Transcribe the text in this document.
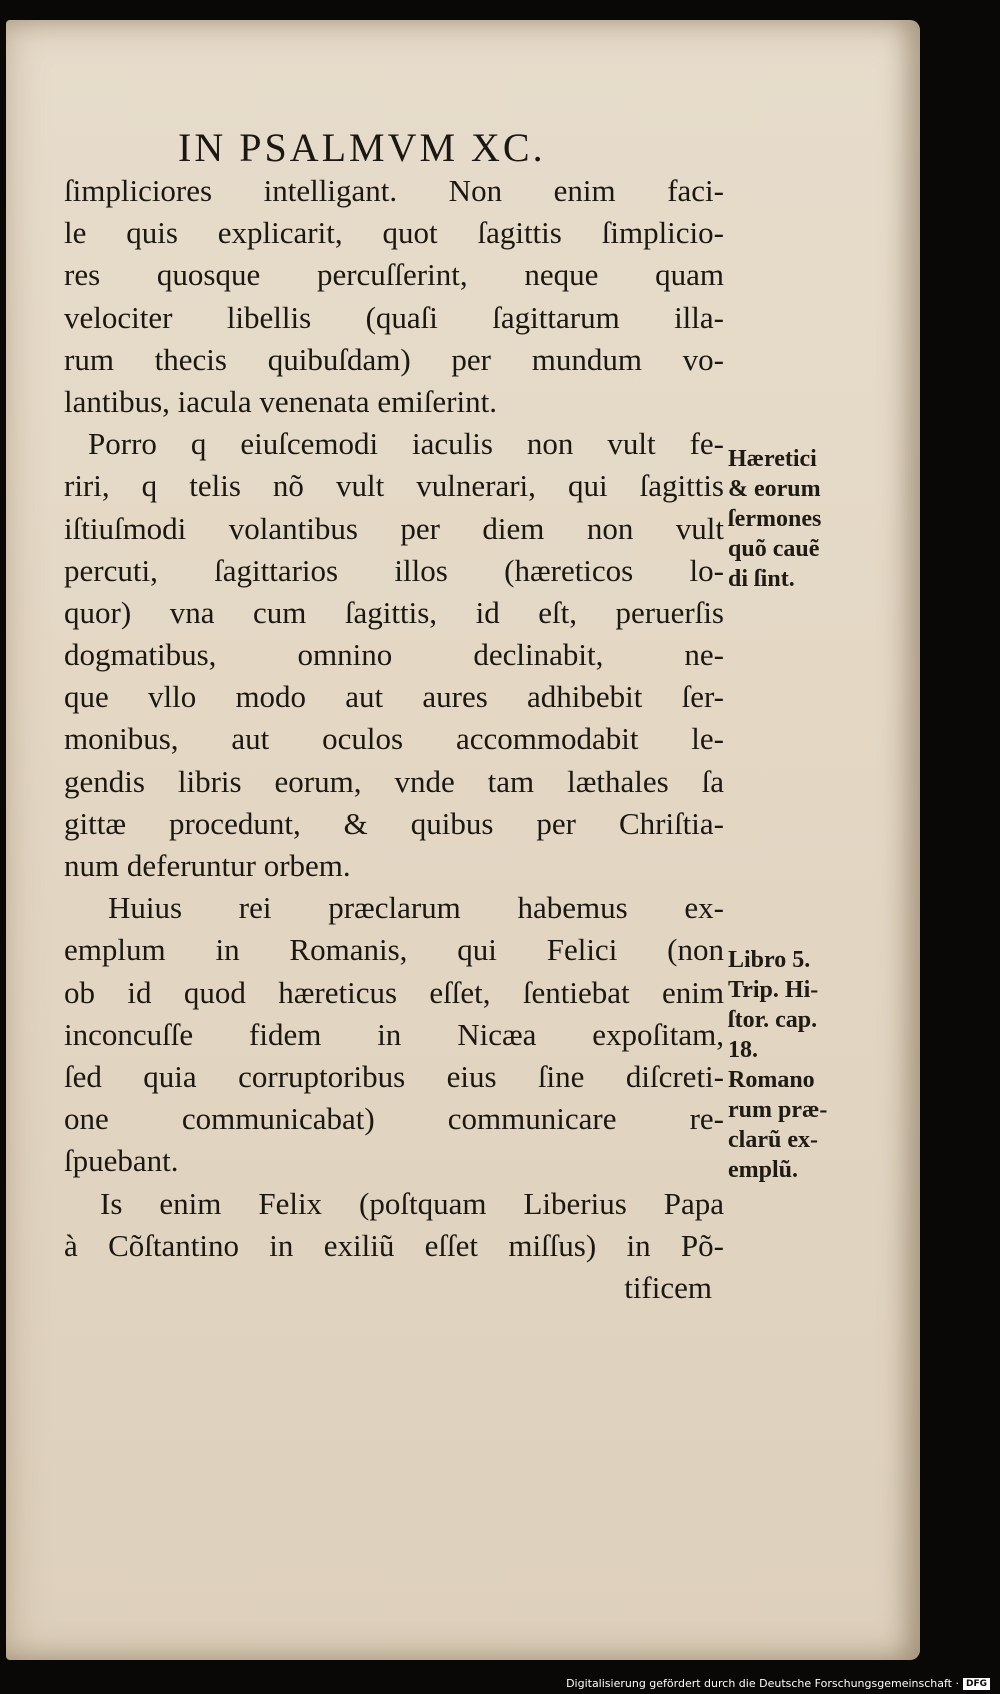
IN PSALMVM XC.
ſimpliciores intelligant. Non enim faci-
le quis explicarit, quot ſagittis ſimplicio-
res quosque percuſſerint, neque quam
velociter libellis (quaſi ſagittarum illa-
rum thecis quibuſdam) per mundum vo-
lantibus, iacula venenata emiſerint.
Porro q eiuſcemodi iaculis non vult fe-
riri, q telis nõ vult vulnerari, qui ſagittis
iſtiuſmodi volantibus per diem non vult
percuti, ſagittarios illos (hæreticos lo-
quor) vna cum ſagittis, id eſt, peruerſis
dogmatibus, omnino declinabit, ne-
que vllo modo aut aures adhibebit ſer-
monibus, aut oculos accommodabit le-
gendis libris eorum, vnde tam læthales ſa
gittæ procedunt, & quibus per Chriſtia-
num deferuntur orbem.
Huius rei præclarum habemus ex-
emplum in Romanis, qui Felici (non
ob id quod hæreticus eſſet, ſentiebat enim
inconcuſſe fidem in Nicæa expoſitam,
ſed quia corruptoribus eius ſine diſcreti-
one communicabat) communicare re-
ſpuebant.
Is enim Felix (poſtquam Liberius Papa
à Cõſtantino in exiliũ eſſet miſſus) in Põ-
tificem
Hæretici
& eorum
ſermones
quõ cauẽ
di ſint.
Libro 5.
Trip. Hi-
ſtor. cap.
18.
Romano
rum præ-
clarũ ex-
emplũ.
Digitalisierung gefördert durch die Deutsche Forschungsgemeinschaft · DFG
